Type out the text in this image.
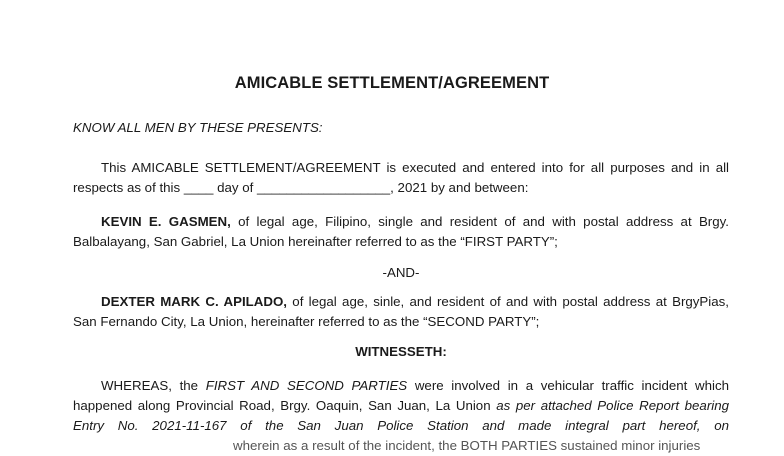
AMICABLE SETTLEMENT/AGREEMENT
KNOW ALL MEN BY THESE PRESENTS:
This AMICABLE SETTLEMENT/AGREEMENT is executed and entered into for all purposes and in all
respects as of this ____ day of __________________, 2021 by and between:
KEVIN E. GASMEN, of legal age, Filipino, single and resident of and with postal address at Brgy.
Balbalayang, San Gabriel, La Union hereinafter referred to as the “FIRST PARTY”;
-AND-
DEXTER MARK C. APILADO, of legal age, sinle, and resident of and with postal address at BrgyPias,
San Fernando City, La Union, hereinafter referred to as the “SECOND PARTY”;
WITNESSETH:
WHEREAS, the FIRST AND SECOND PARTIES were involved in a vehicular traffic incident which
happened along Provincial Road, Brgy. Oaquin, San Juan, La Union as per attached Police Report bearing
Entry No. 2021-11-167 of the San Juan Police Station and made integral part hereof, on
wherein as a result of the incident, the BOTH PARTIES sustained minor injuries
